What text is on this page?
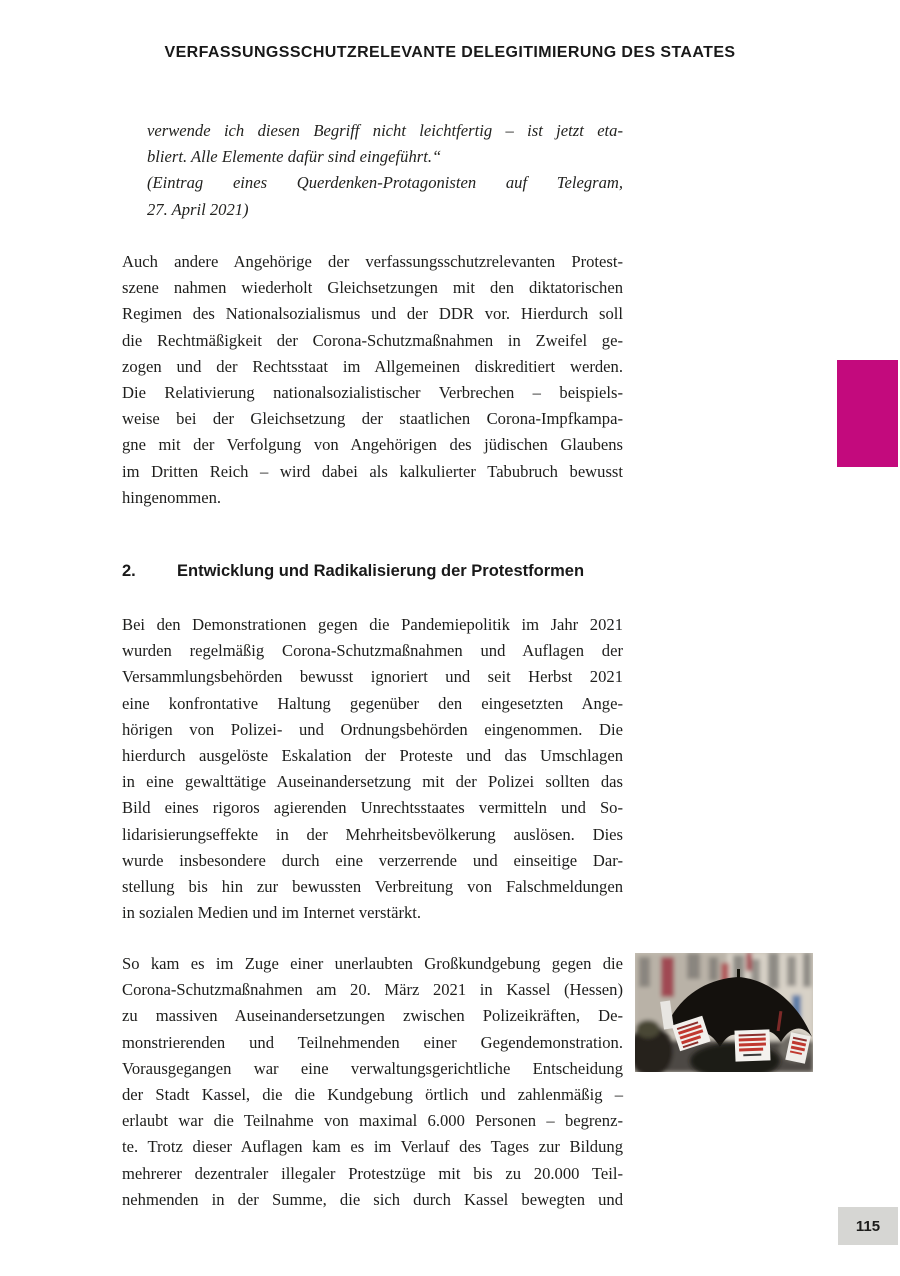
VERFASSUNGSSCHUTZRELEVANTE DELEGITIMIERUNG DES STAATES
verwende ich diesen Begriff nicht leichtfertig – ist jetzt eta-
bliert. Alle Elemente dafür sind eingeführt.“
(Eintrag eines Querdenken-Protagonisten auf Telegram,
27. April 2021)
Auch andere Angehörige der verfassungsschutzrelevanten Protest-
szene nahmen wiederholt Gleichsetzungen mit den diktatorischen
Regimen des Nationalsozialismus und der DDR vor. Hierdurch soll
die Rechtmäßigkeit der Corona-Schutzmaßnahmen in Zweifel ge-
zogen und der Rechtsstaat im Allgemeinen diskreditiert werden.
Die Relativierung nationalsozialistischer Verbrechen – beispiels-
weise bei der Gleichsetzung der staatlichen Corona-Impfkampa-
gne mit der Verfolgung von Angehörigen des jüdischen Glaubens
im Dritten Reich – wird dabei als kalkulierter Tabubruch bewusst
hingenommen.
2. Entwicklung und Radikalisierung der Protestformen
Bei den Demonstrationen gegen die Pandemiepolitik im Jahr 2021
wurden regelmäßig Corona-Schutzmaßnahmen und Auflagen der
Versammlungsbehörden bewusst ignoriert und seit Herbst 2021
eine konfrontative Haltung gegenüber den eingesetzten Ange-
hörigen von Polizei- und Ordnungsbehörden eingenommen. Die
hierdurch ausgelöste Eskalation der Proteste und das Umschlagen
in eine gewalttätige Auseinandersetzung mit der Polizei sollten das
Bild eines rigoros agierenden Unrechtsstaates vermitteln und So-
lidarisierungseffekte in der Mehrheitsbevölkerung auslösen. Dies
wurde insbesondere durch eine verzerrende und einseitige Dar-
stellung bis hin zur bewussten Verbreitung von Falschmeldungen
in sozialen Medien und im Internet verstärkt.
So kam es im Zuge einer unerlaubten Großkundgebung gegen die
Corona-Schutzmaßnahmen am 20. März 2021 in Kassel (Hessen)
zu massiven Auseinandersetzungen zwischen Polizeikräften, De-
monstrierenden und Teilnehmenden einer Gegendemonstration.
Vorausgegangen war eine verwaltungsgerichtliche Entscheidung
der Stadt Kassel, die die Kundgebung örtlich und zahlenmäßig –
erlaubt war die Teilnahme von maximal 6.000 Personen – begrenz-
te. Trotz dieser Auflagen kam es im Verlauf des Tages zur Bildung
mehrerer dezentraler illegaler Protestzüge mit bis zu 20.000 Teil-
nehmenden in der Summe, die sich durch Kassel bewegten und
115
